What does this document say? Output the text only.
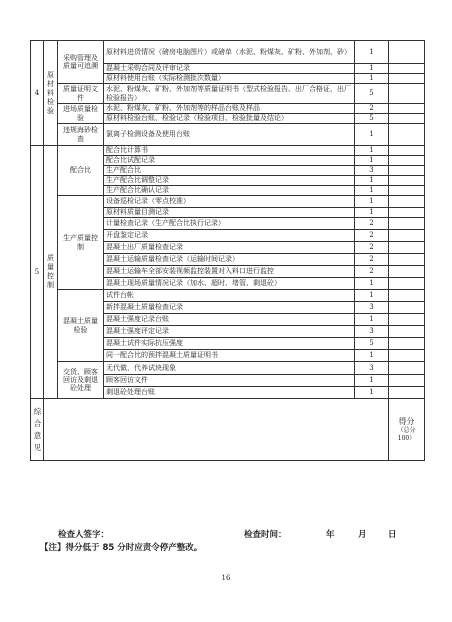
4	原材料检验	采购管理及质量可追溯	原材料进货情况（磅房电脑图片）或磅单（水泥、粉煤灰、矿粉、外加剂、砂）	1	
			混凝土采购合同及评审记录	1	
			原材料使用台账（实际检测批次数量）	1	
		质量证明文件	水泥、粉煤灰、矿粉、外加剂等质量证明书（型式检验报告、出厂合格证、出厂检验报告）	5	
		进场质量检验	水泥、粉煤灰、矿粉、外加剂等的样品台账及样品	2	
			原材料检验台账、检验记录（检验项目、检验批量及结论）	5	
		违规海砂检查	氯离子检测设备及使用台账	1	
5	质量控制	配合比	配合比计算书	1	
			配合比试配记录	1	
			生产配合比	3	
			生产配合比调整记录	1	
			生产配合比确认记录	1	
		生产质量控制	设备巡检记录（零点校准）	1	
			原材料质量目测记录	1	
			计量检查记录（生产配合比执行记录）	2	
			开盘鉴定记录	2	
			混凝土出厂质量检查记录	2	
			混凝土运输质量检查记录（运输时间记录）	2	
			混凝土运输车全部安装视频监控装置对入料口进行监控	2	
			混凝土现场质量情况记录（加水、超时、堵管、剩退砼）	1	
		混凝土质量检验	试件台帐	1	
			新拌混凝土质量检查记录	3	
			混凝土强度记录台账	1	
			混凝土强度评定记录	3	
			混凝土试件实际抗压强度	5	
			同一配合比的预拌混凝土质量证明书	1	
		交货、顾客回访及剩退砼处理	无代做、代养试块现象	3	
			顾客回访文件	1	
			剩退砼处理台账	1	
综合意见					得分
（总分100）
检查人签字：	检查时间：	年	月	日
【注】得分低于 85 分时应责令停产整改。
16
